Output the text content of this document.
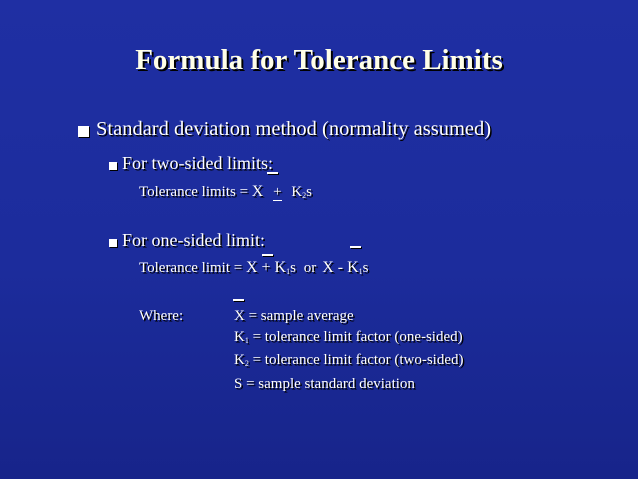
Formula for Tolerance Limits
Standard deviation method (normality assumed)
For two-sided limits:
Tolerance limits = $X + K_2s$
For one-sided limit:
Tolerance limit = $X + K_1s$ or X - $K_1s$
Where:	X = sample average
$K_1$ = tolerance limit factor (one-sided)
$K_2$ = tolerance limit factor (two-sided)
S = sample standard deviation
